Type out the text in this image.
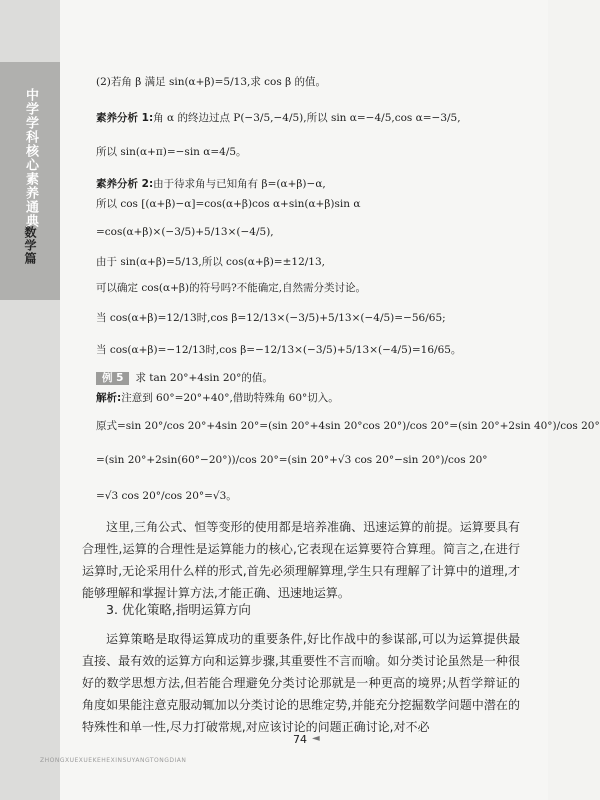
中学学科核心素养通典
数学篇
(2)若角 β 满足 sin(α+β)=5/13,求 cos β 的值。
素养分析 1:角 α 的终边过点 P(−3/5,−4/5),所以 sin α=−4/5,cos α=−3/5,
所以 sin(α+π)=−sin α=4/5。
素养分析 2:由于待求角与已知角有 β=(α+β)−α,
所以 cos [(α+β)−α]=cos(α+β)cos α+sin(α+β)sin α
=cos(α+β)×(−3/5)+5/13×(−4/5),
由于 sin(α+β)=5/13,所以 cos(α+β)=±12/13,
可以确定 cos(α+β)的符号吗?不能确定,自然需分类讨论。
当 cos(α+β)=12/13时,cos β=12/13×(−3/5)+5/13×(−4/5)=−56/65;
当 cos(α+β)=−12/13时,cos β=−12/13×(−3/5)+5/13×(−4/5)=16/65。
例 5 求 tan 20°+4sin 20°的值。
解析:注意到 60°=20°+40°,借助特殊角 60°切入。
原式=sin 20°/cos 20°+4sin 20°=(sin 20°+4sin 20°cos 20°)/cos 20°=(sin 20°+2sin 40°)/cos 20°
=(sin 20°+2sin(60°−20°))/cos 20°=(sin 20°+√3 cos 20°−sin 20°)/cos 20°
=√3 cos 20°/cos 20°=√3。
这里,三角公式、恒等变形的使用都是培养准确、迅速运算的前提。运算要具有合理性,运算的合理性是运算能力的核心,它表现在运算要符合算理。简言之,在进行运算时,无论采用什么样的形式,首先必须理解算理,学生只有理解了计算中的道理,才能够理解和掌握计算方法,才能正确、迅速地运算。
3. 优化策略,指明运算方向
运算策略是取得运算成功的重要条件,好比作战中的参谋部,可以为运算提供最直接、最有效的运算方向和运算步骤,其重要性不言而喻。如分类讨论虽然是一种很好的数学思想方法,但若能合理避免分类讨论那就是一种更高的境界;从哲学辩证的角度如果能注意克服动辄加以分类讨论的思维定势,并能充分挖掘数学问题中潜在的特殊性和单一性,尽力打破常规,对应该讨论的问题正确讨论,对不必
74 ◄
ZHONGXUEXUEKEHEXINSUYANGTONGDIAN
